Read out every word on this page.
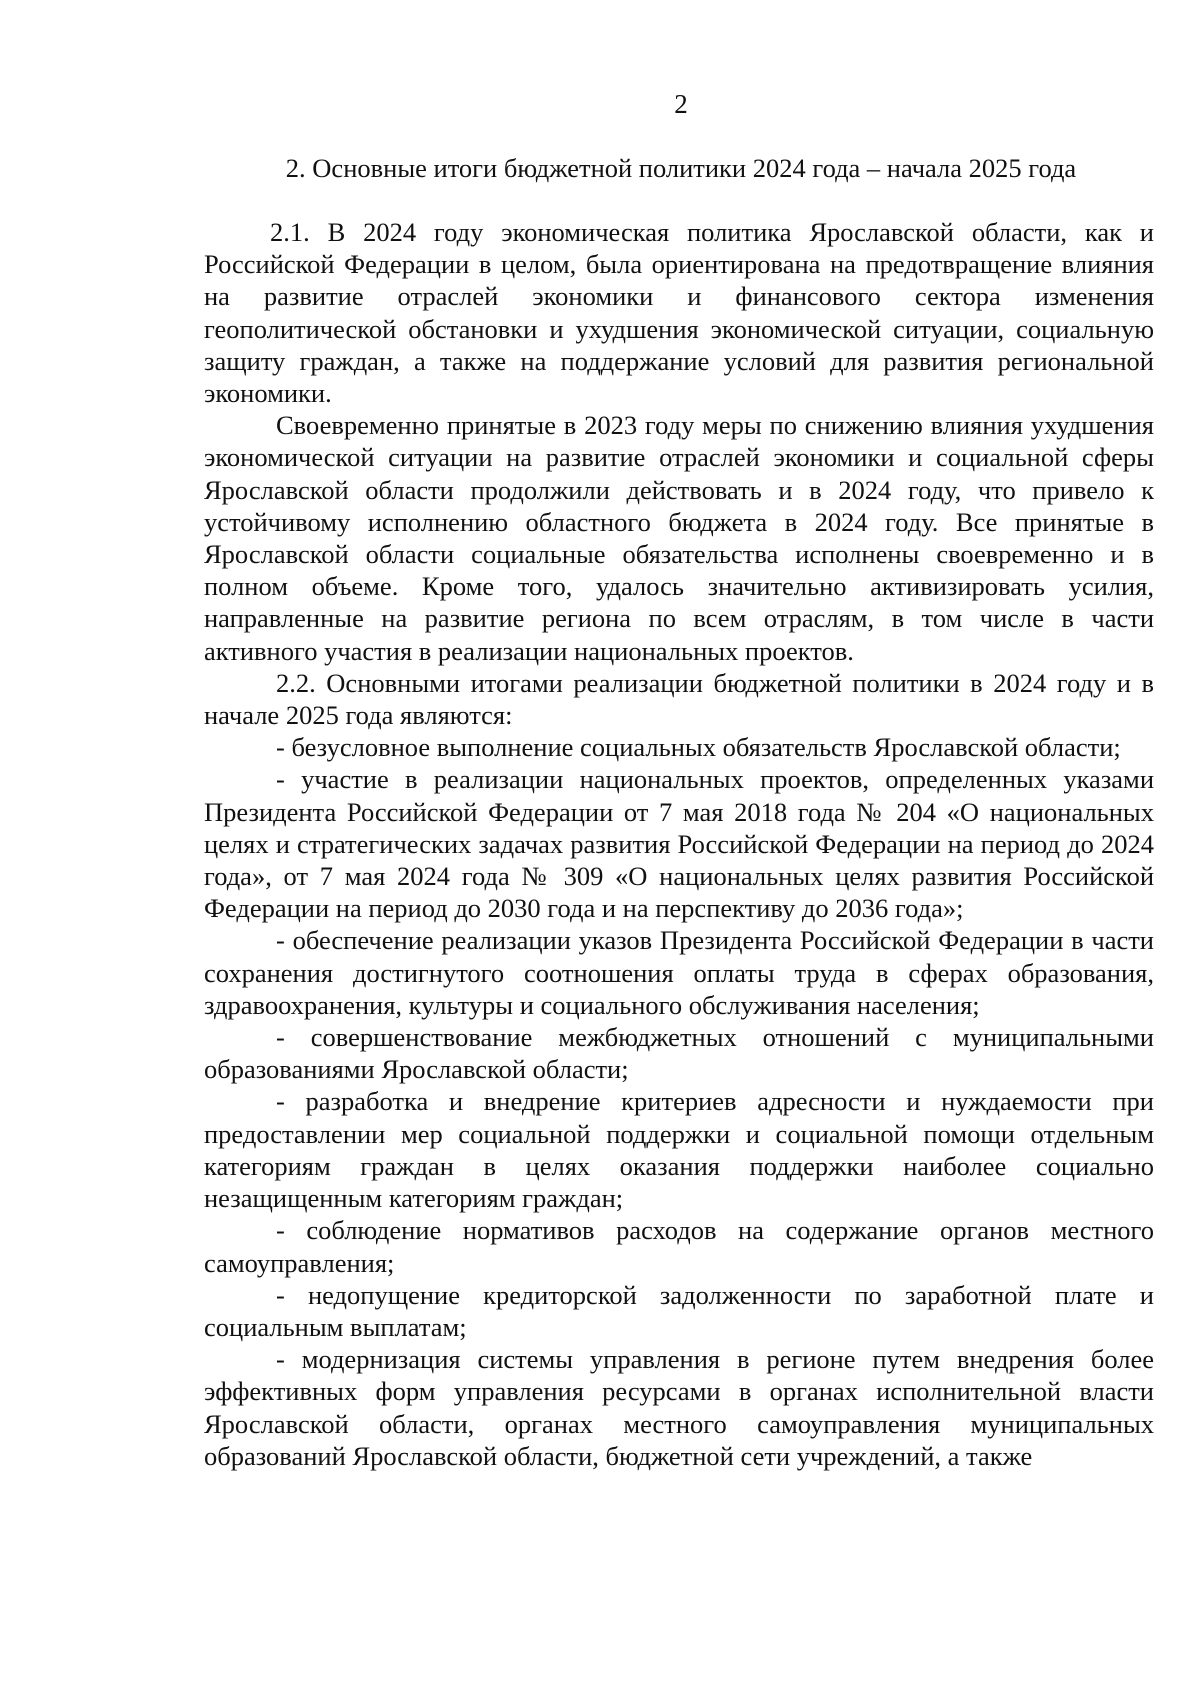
2
2. Основные итоги бюджетной политики 2024 года – начала 2025 года

2.1. В 2024 году экономическая политика Ярославской области, как и Российской Федерации в целом, была ориентирована на предотвращение влияния на развитие отраслей экономики и финансового сектора изменения геополитической обстановки и ухудшения экономической ситуации, социальную защиту граждан, а также на поддержание условий для развития региональной экономики.

Своевременно принятые в 2023 году меры по снижению влияния ухудшения экономической ситуации на развитие отраслей экономики и социальной сферы Ярославской области продолжили действовать и в 2024 году, что привело к устойчивому исполнению областного бюджета в 2024 году. Все принятые в Ярославской области социальные обязательства исполнены своевременно и в полном объеме. Кроме того, удалось значительно активизировать усилия, направленные на развитие региона по всем отраслям, в том числе в части активного участия в реализации национальных проектов.

2.2. Основными итогами реализации бюджетной политики в 2024 году и в начале 2025 года являются:

- безусловное выполнение социальных обязательств Ярославской области;

- участие в реализации национальных проектов, определенных указами Президента Российской Федерации от 7 мая 2018 года № 204 «О национальных целях и стратегических задачах развития Российской Федерации на период до 2024 года», от 7 мая 2024 года № 309 «О национальных целях развития Российской Федерации на период до 2030 года и на перспективу до 2036 года»;

- обеспечение реализации указов Президента Российской Федерации в части сохранения достигнутого соотношения оплаты труда в сферах образования, здравоохранения, культуры и социального обслуживания населения;

- совершенствование межбюджетных отношений с муниципальными образованиями Ярославской области;

- разработка и внедрение критериев адресности и нуждаемости при предоставлении мер социальной поддержки и социальной помощи отдельным категориям граждан в целях оказания поддержки наиболее социально незащищенным категориям граждан;

- соблюдение нормативов расходов на содержание органов местного самоуправления;

- недопущение кредиторской задолженности по заработной плате и социальным выплатам;

- модернизация системы управления в регионе путем внедрения более эффективных форм управления ресурсами в органах исполнительной власти Ярославской области, органах местного самоуправления муниципальных образований Ярославской области, бюджетной сети учреждений, а также
